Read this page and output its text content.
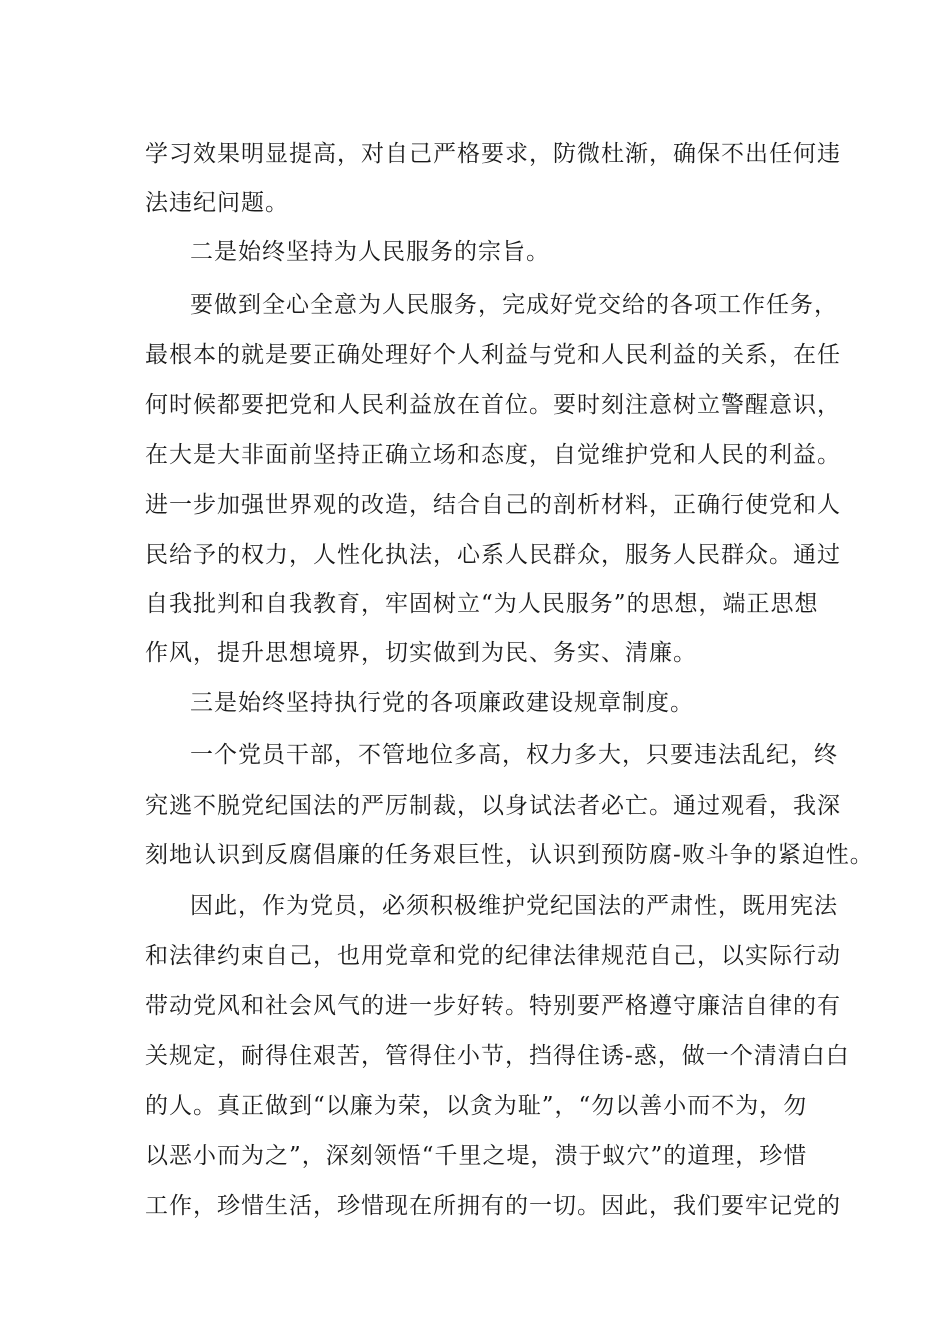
学习效果明显提高，对自己严格要求，防微杜渐，确保不出任何违
法违纪问题。
二是始终坚持为人民服务的宗旨。
要做到全心全意为人民服务，完成好党交给的各项工作任务，
最根本的就是要正确处理好个人利益与党和人民利益的关系，在任
何时候都要把党和人民利益放在首位。要时刻注意树立警醒意识，
在大是大非面前坚持正确立场和态度，自觉维护党和人民的利益。
进一步加强世界观的改造，结合自己的剖析材料，正确行使党和人
民给予的权力，人性化执法，心系人民群众，服务人民群众。通过
自我批判和自我教育，牢固树立“为人民服务”的思想，端正思想
作风，提升思想境界，切实做到为民、务实、清廉。
三是始终坚持执行党的各项廉政建设规章制度。
一个党员干部，不管地位多高，权力多大，只要违法乱纪，终
究逃不脱党纪国法的严厉制裁，以身试法者必亡。通过观看，我深
刻地认识到反腐倡廉的任务艰巨性，认识到预防腐-败斗争的紧迫性。
因此，作为党员，必须积极维护党纪国法的严肃性，既用宪法
和法律约束自己，也用党章和党的纪律法律规范自己，以实际行动
带动党风和社会风气的进一步好转。特别要严格遵守廉洁自律的有
关规定，耐得住艰苦，管得住小节，挡得住诱-惑，做一个清清白白
的人。真正做到“以廉为荣，以贪为耻”，“勿以善小而不为，勿
以恶小而为之”，深刻领悟“千里之堤，溃于蚁穴”的道理，珍惜
工作，珍惜生活，珍惜现在所拥有的一切。因此，我们要牢记党的
